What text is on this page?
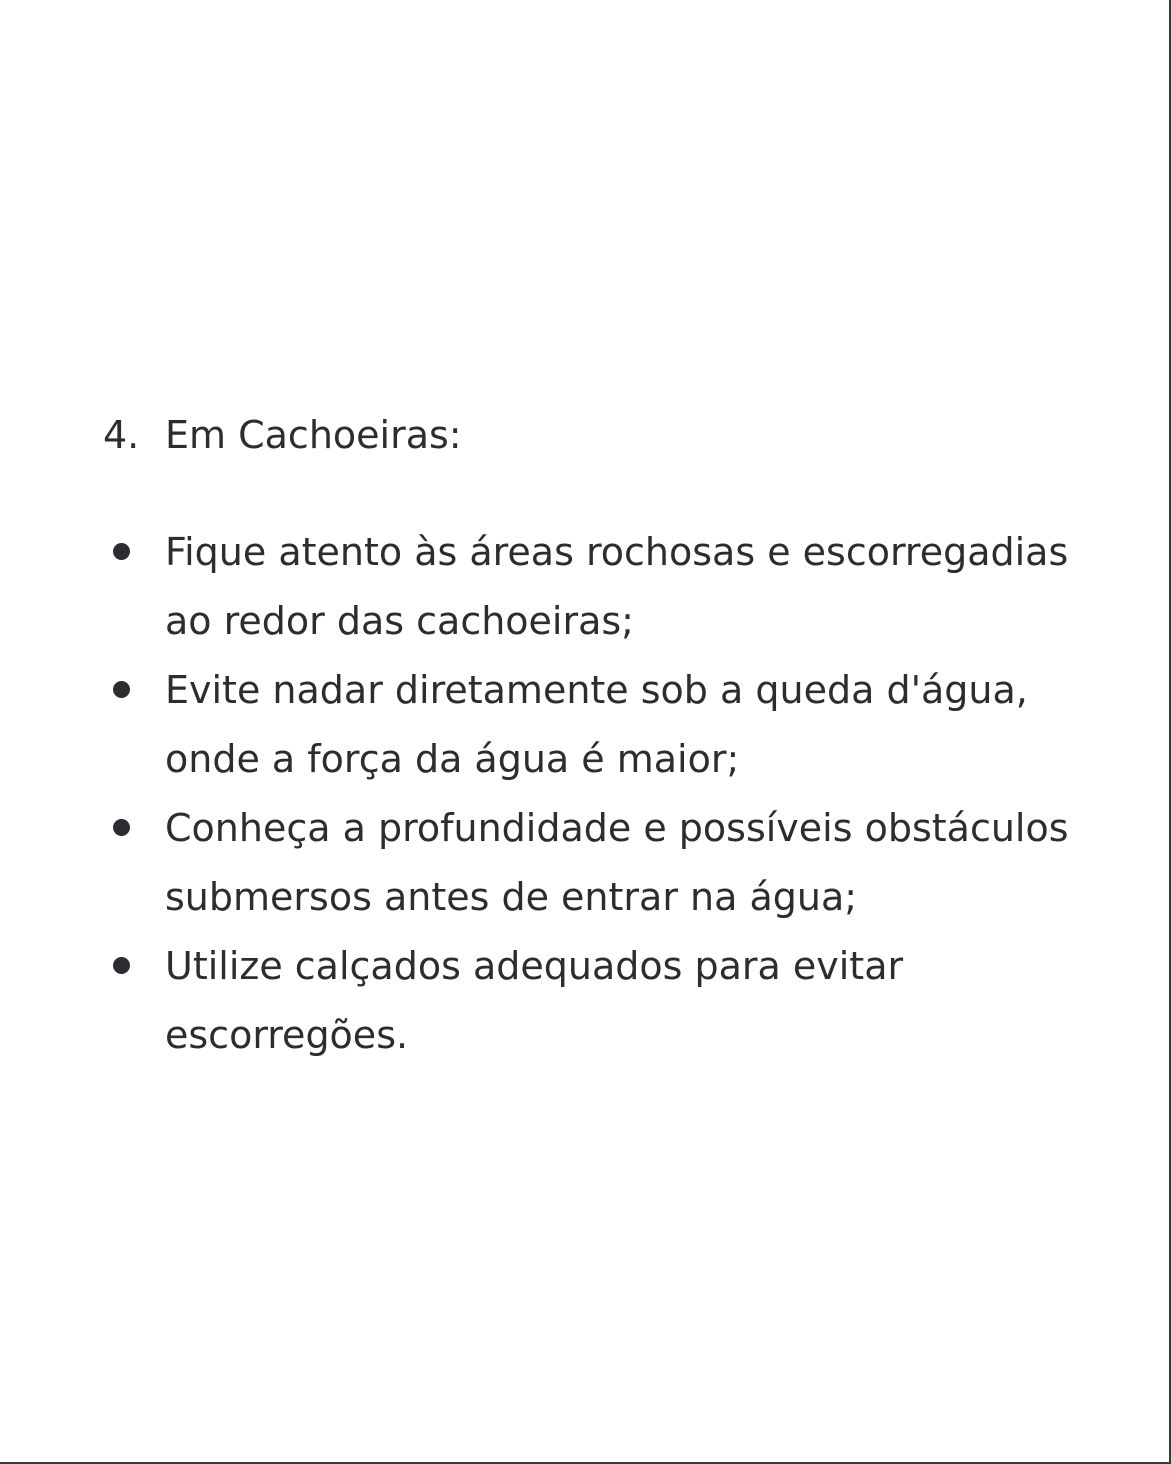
4. Em Cachoeiras:
Fique atento às áreas rochosas e escorregadias ao redor das cachoeiras;
Evite nadar diretamente sob a queda d'água, onde a força da água é maior;
Conheça a profundidade e possíveis obstáculos submersos antes de entrar na água;
Utilize calçados adequados para evitar escorregões.
